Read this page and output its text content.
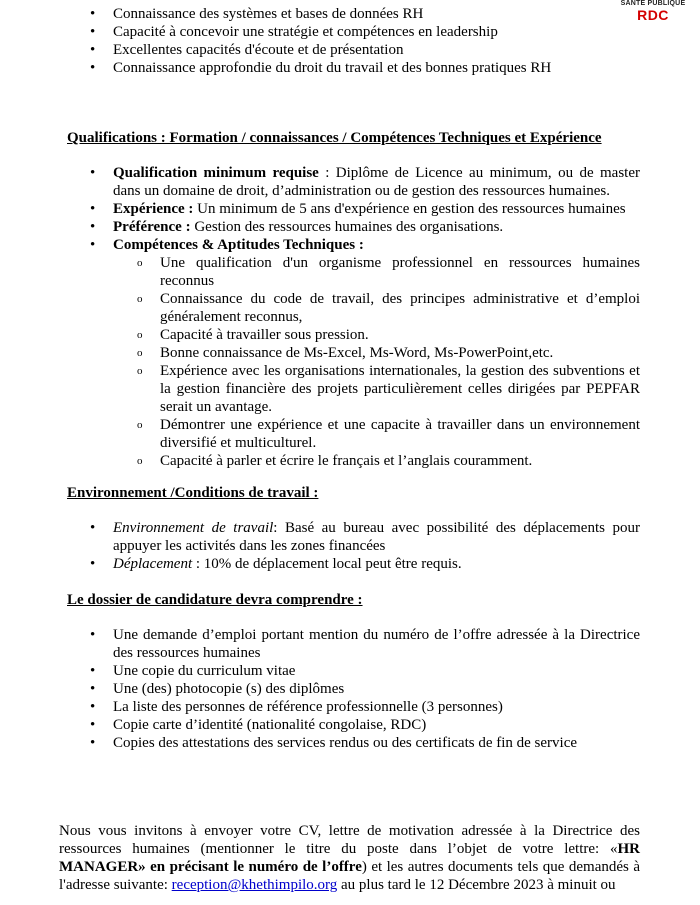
SANTE PUBLIQUE
RDC
• Connaissance des systèmes et bases de données RH
• Capacité à concevoir une stratégie et compétences en leadership
• Excellentes capacités d'écoute et de présentation
• Connaissance approfondie du droit du travail et des bonnes pratiques RH
Qualifications : Formation / connaissances / Compétences Techniques et Expérience
• Qualification minimum requise : Diplôme de Licence au minimum, ou de master dans un domaine de droit, d’administration ou de gestion des ressources humaines.
• Expérience : Un minimum de 5 ans d'expérience en gestion des ressources humaines
• Préférence : Gestion des ressources humaines des organisations.
• Compétences & Aptitudes Techniques :
o Une qualification d'un organisme professionnel en ressources humaines reconnus
o Connaissance du code de travail, des principes administrative et d’emploi généralement reconnus,
o Capacité à travailler sous pression.
o Bonne connaissance de Ms-Excel, Ms-Word, Ms-PowerPoint,etc.
o Expérience avec les organisations internationales, la gestion des subventions et la gestion financière des projets particulièrement celles dirigées par PEPFAR serait un avantage.
o Démontrer une expérience et une capacite à travailler dans un environnement diversifié et multiculturel.
o Capacité à parler et écrire le français et l’anglais couramment.
Environnement /Conditions de travail :
• Environnement de travail: Basé au bureau avec possibilité des déplacements pour appuyer les activités dans les zones financées
• Déplacement : 10% de déplacement local peut être requis.
Le dossier de candidature devra comprendre :
• Une demande d’emploi portant mention du numéro de l’offre adressée à la Directrice des ressources humaines
• Une copie du curriculum vitae
• Une (des) photocopie (s) des diplômes
• La liste des personnes de référence professionnelle (3 personnes)
• Copie carte d’identité (nationalité congolaise, RDC)
• Copies des attestations des services rendus ou des certificats de fin de service

Nous vous invitons à envoyer votre CV, lettre de motivation adressée à la Directrice des ressources humaines (mentionner le titre du poste dans l’objet de votre lettre: «HR MANAGER» en précisant le numéro de l’offre) et les autres documents tels que demandés à l'adresse suivante: reception@khethimpilo.org au plus tard le 12 Décembre 2023 à minuit ou
